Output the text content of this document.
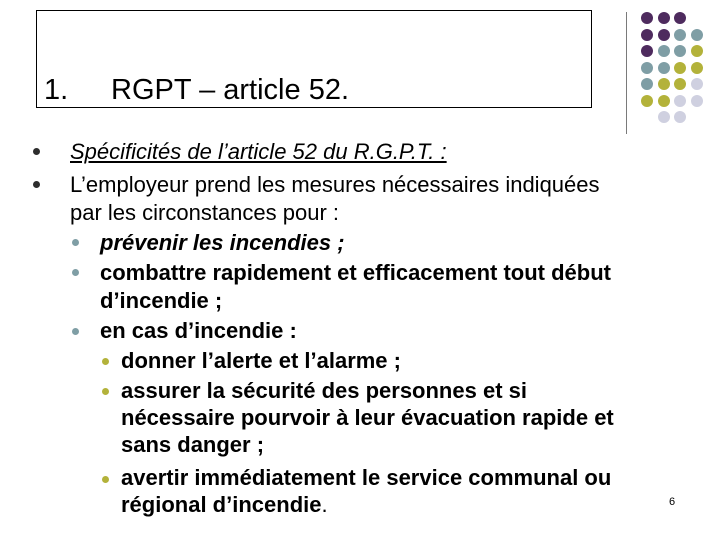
1. RGPT – article 52.
Spécificités de l’article 52 du R.G.P.T. :
L’employeur prend les mesures nécessaires indiquées
par les circonstances pour :
prévenir les incendies ;
combattre rapidement et efficacement tout début
d’incendie ;
en cas d’incendie :
donner l’alerte et l’alarme ;
assurer la sécurité des personnes et si
nécessaire pourvoir à leur évacuation rapide et
sans danger ;
avertir immédiatement le service communal ou
régional d’incendie.	6
